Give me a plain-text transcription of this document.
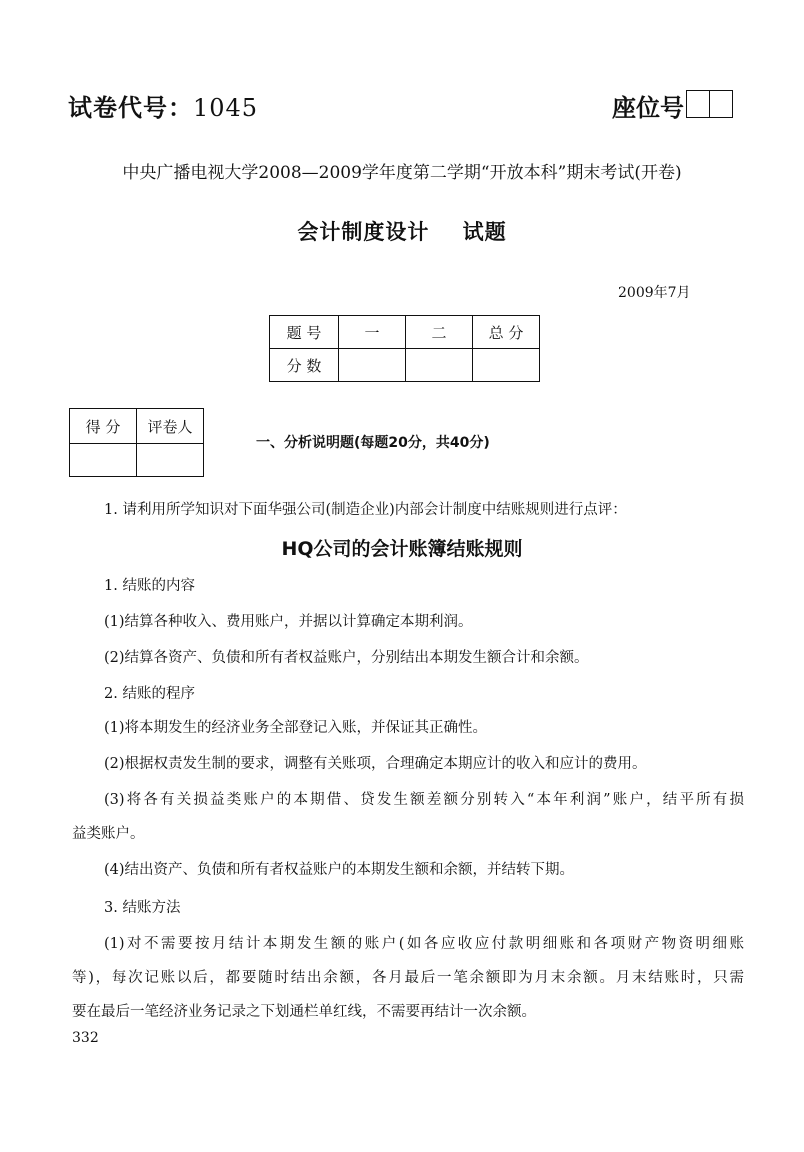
试卷代号：1045	座位号
中央广播电视大学2008—2009学年度第二学期“开放本科”期末考试(开卷)
会计制度设计    试题
2009年7月
题 号	一	二	总 分
分 数			
得 分	评卷人

一、分析说明题(每题20分，共40分)
1. 请利用所学知识对下面华强公司(制造企业)内部会计制度中结账规则进行点评：
HQ公司的会计账簿结账规则
1. 结账的内容
(1)结算各种收入、费用账户，并据以计算确定本期利润。
(2)结算各资产、负债和所有者权益账户，分别结出本期发生额合计和余额。
2. 结账的程序
(1)将本期发生的经济业务全部登记入账，并保证其正确性。
(2)根据权责发生制的要求，调整有关账项，合理确定本期应计的收入和应计的费用。
(3)将各有关损益类账户的本期借、贷发生额差额分别转入“本年利润”账户，结平所有损
益类账户。
(4)结出资产、负债和所有者权益账户的本期发生额和余额，并结转下期。
3. 结账方法
(1)对不需要按月结计本期发生额的账户(如各应收应付款明细账和各项财产物资明细账
等)，每次记账以后，都要随时结出余额，各月最后一笔余额即为月末余额。月末结账时，只需
要在最后一笔经济业务记录之下划通栏单红线，不需要再结计一次余额。
332
